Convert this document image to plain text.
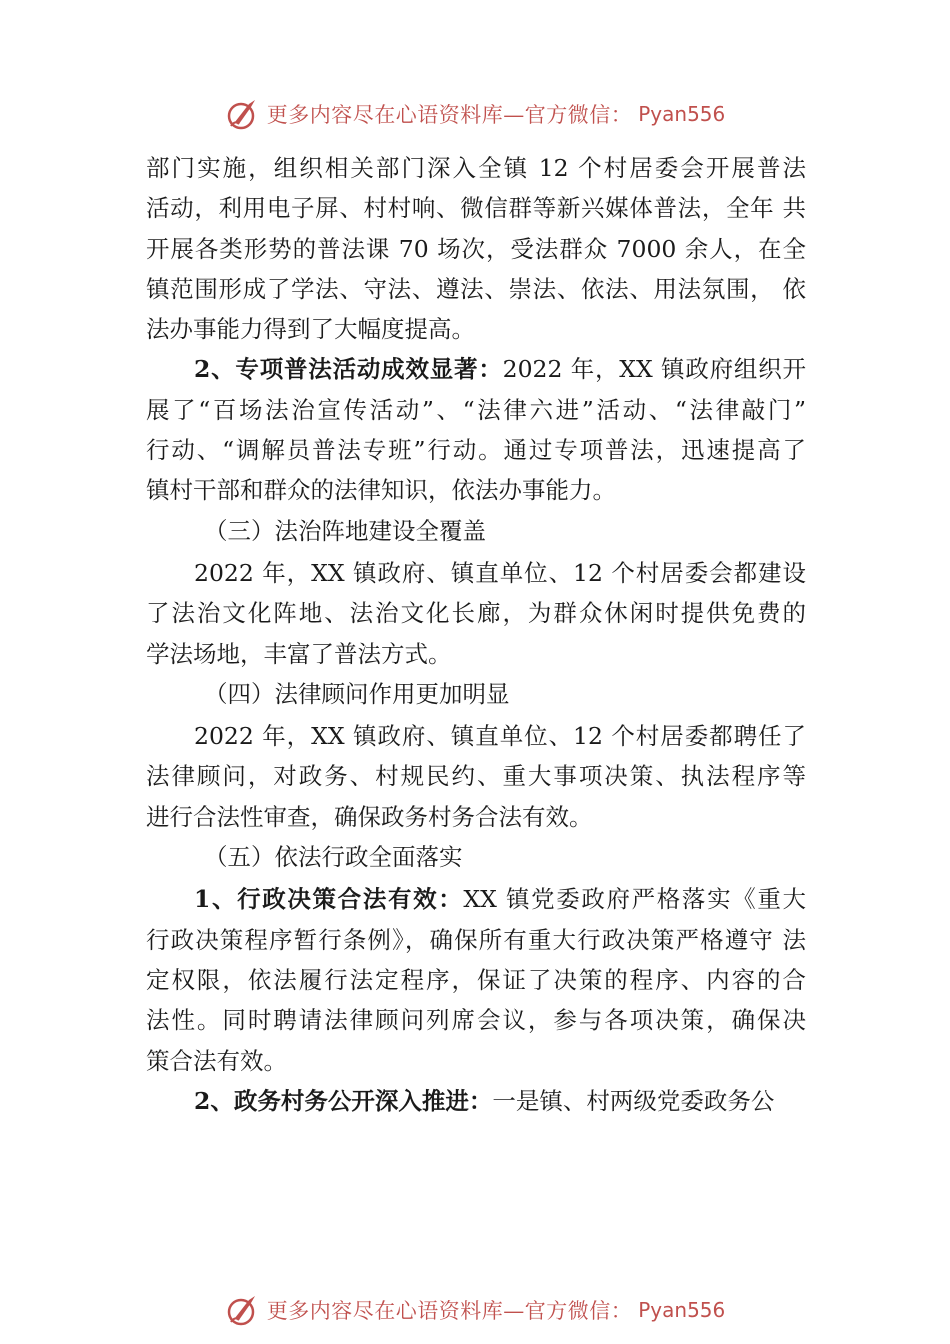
更多内容尽在心语资料库—官方微信： Pyan556
部门实施，组织相关部门深入全镇 12 个村居委会开展普法
活动，利用电子屏、村村响、微信群等新兴媒体普法，全年 共
开展各类形势的普法课 70 场次，受法群众 7000 余人，在全
镇范围形成了学法、守法、遵法、崇法、依法、用法氛围， 依
法办事能力得到了大幅度提高。
2、专项普法活动成效显著：2022 年，XX 镇政府组织开
展了“百场法治宣传活动”、“法律六进”活动、“法律敲门”
行动、“调解员普法专班”行动。通过专项普法，迅速提高了
镇村干部和群众的法律知识，依法办事能力。
（三）法治阵地建设全覆盖
2022 年，XX 镇政府、镇直单位、12 个村居委会都建设
了法治文化阵地、法治文化长廊，为群众休闲时提供免费的
学法场地，丰富了普法方式。
（四）法律顾问作用更加明显
2022 年，XX 镇政府、镇直单位、12 个村居委都聘任了
法律顾问，对政务、村规民约、重大事项决策、执法程序等
进行合法性审查，确保政务村务合法有效。
（五）依法行政全面落实
1、行政决策合法有效：XX 镇党委政府严格落实《重大
行政决策程序暂行条例》，确保所有重大行政决策严格遵守 法
定权限，依法履行法定程序，保证了决策的程序、内容的合
法性。同时聘请法律顾问列席会议，参与各项决策，确保决
策合法有效。
2、政务村务公开深入推进：一是镇、村两级党委政务公
更多内容尽在心语资料库—官方微信： Pyan556
